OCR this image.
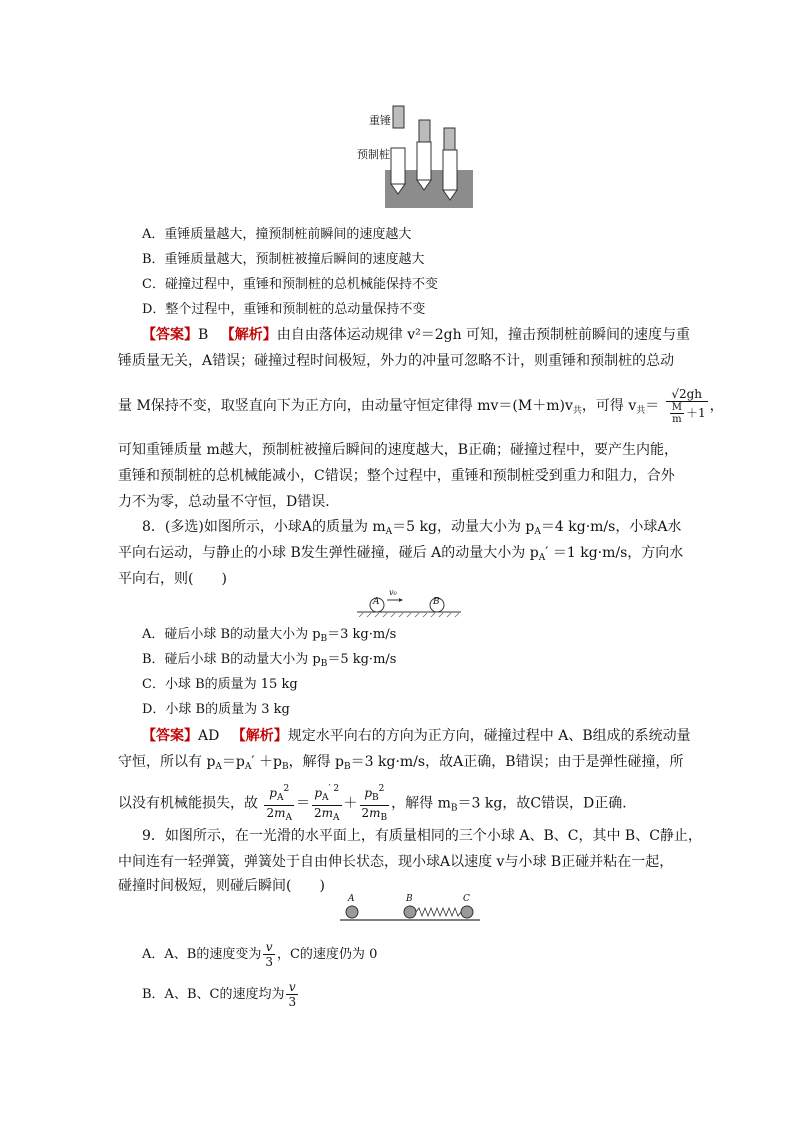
重锤
预制桩
A．重锤质量越大，撞预制桩前瞬间的速度越大
B．重锤质量越大，预制桩被撞后瞬间的速度越大
C．碰撞过程中，重锤和预制桩的总机械能保持不变
D．整个过程中，重锤和预制桩的总动量保持不变
【答案】B 【解析】由自由落体运动规律 v²＝2gh 可知，撞击预制桩前瞬间的速度与重
锤质量无关，A错误；碰撞过程时间极短，外力的冲量可忽略不计，则重锤和预制桩的总动
量 M保持不变，取竖直向下为正方向，由动量守恒定律得 $mv=(M+m)v_共$，可得 $v_共= \frac{√2gh}{\frac{M}{m} +1}$ ，
可知重锤质量 m越大，预制桩被撞后瞬间的速度越大，B正确；碰撞过程中，要产生内能，
重锤和预制桩的总机械能减小，C错误；整个过程中，重锤和预制桩受到重力和阻力，合外
力不为零，总动量不守恒，D错误．
8．(多选)如图所示，小球A的质量为 $m_A=5$ kg，动量大小为 $p_A=4$ kg·m/s，小球A水
平向右运动，与静止的小球 B发生弹性碰撞，碰后 A的动量大小为 $p_A' =1$ kg·m/s，方向水
平向右，则(　　)
A	B
v₀
A．碰后小球 B的动量大小为 $p_B=3$ kg·m/s
B．碰后小球 B的动量大小为 $p_B=5$ kg·m/s
C．小球 B的质量为 15 kg
D．小球 B的质量为 3 kg
【答案】AD 【解析】规定水平向右的方向为正方向，碰撞过程中 A、B组成的系统动量
守恒，所以有 $p_A=p_A' +p_B$，解得 $p_B=3$ kg·m/s，故A正确，B错误；由于是弹性碰撞，所
以没有机械能损失，故 $\frac{p_A^2}{2m_A} = \frac{p_A^{' 2}}{2m_A} + \frac{p_B^2}{2m_B}$ ，解得 $m_B=3$ kg，故C错误，D正确．
9．如图所示，在一光滑的水平面上，有质量相同的三个小球 A、B、C，其中 B、C静止，
中间连有一轻弹簧，弹簧处于自由伸长状态，现小球A以速度 v与小球 B正碰并粘在一起，
碰撞时间极短，则碰后瞬间(　　)
A	B	C
A．A、B的速度变为 $\frac{v}{3}$ ，C的速度仍为 0
B．A、B、C的速度均为 $\frac{v}{3}$
